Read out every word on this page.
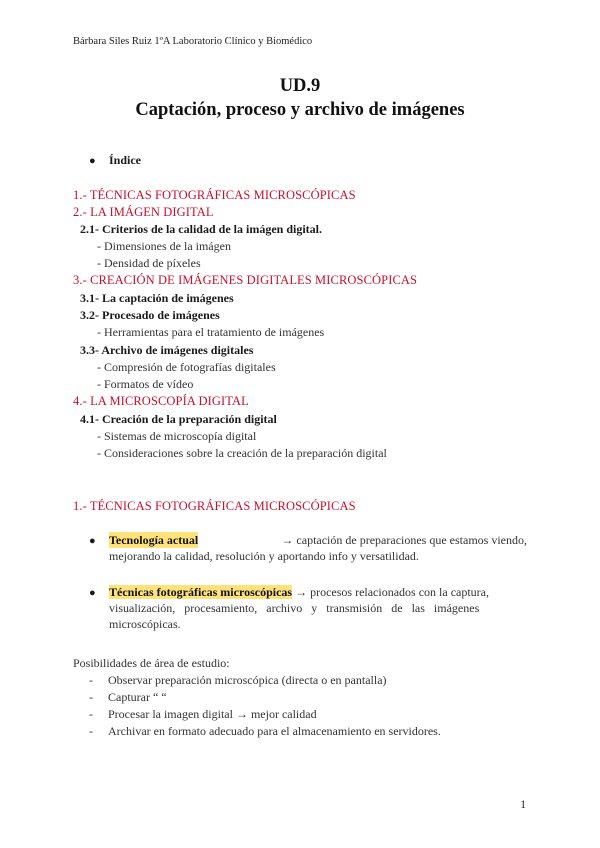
Bárbara Siles Ruiz 1ºA Laboratorio Clínico y Biomédico
UD.9
Captación, proceso y archivo de imágenes
● Índice
1.- TÉCNICAS FOTOGRÁFICAS MICROSCÓPICAS
2.- LA IMÁGEN DIGITAL
2.1- Criterios de la calidad de la imágen digital.
- Dimensiones de la imágen
- Densidad de píxeles
3.- CREACIÓN DE IMÁGENES DIGITALES MICROSCÓPICAS
3.1- La captación de imágenes
3.2- Procesado de imágenes
- Herramientas para el tratamiento de imágenes
3.3- Archivo de imágenes digitales
- Compresión de fotografías digitales
- Formatos de vídeo
4.- LA MICROSCOPÍA DIGITAL
4.1- Creación de la preparación digital
- Sistemas de microscopía digital
- Consideraciones sobre la creación de la preparación digital
1.- TÉCNICAS FOTOGRÁFICAS MICROSCÓPICAS
● Tecnología actual	→ captación de preparaciones que estamos viendo,
mejorando la calidad, resolución y aportando info y versatilidad.
● Técnicas fotográficas microscópicas → procesos relacionados con la captura,
visualización, procesamiento, archivo y transmisión de las imágenes
microscópicas.
Posibilidades de área de estudio:
- Observar preparación microscópica (directa o en pantalla)
- Capturar “ “
- Procesar la imagen digital → mejor calidad
- Archivar en formato adecuado para el almacenamiento en servidores.
1
